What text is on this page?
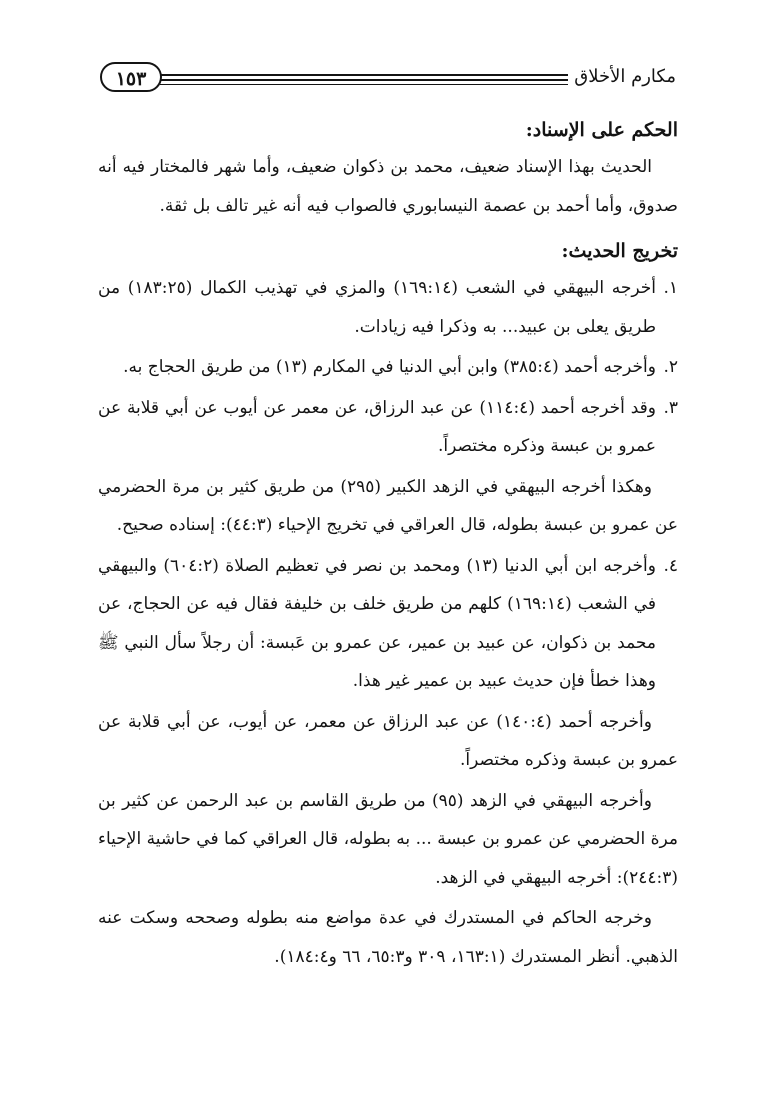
١٥٣	مكارم الأخلاق

الحكم على الإسناد:

الحديث بهذا الإسناد ضعيف، محمد بن ذكوان ضعيف، وأما شهر فالمختار فيه أنه صدوق، وأما أحمد بن عصمة النيسابوري فالصواب فيه أنه غير تالف بل ثقة.

تخريج الحديث:

١.
أخرجه البيهقي في الشعب (١٦٩:١٤) والمزي في تهذيب الكمال (١٨٣:٢٥) من طريق يعلى بن عبيد... به وذكرا فيه زيادات.
٢.
وأخرجه أحمد (٣٨٥:٤) وابن أبي الدنيا في المكارم (١٣) من طريق الحجاج به.
٣.
وقد أخرجه أحمد (١١٤:٤) عن عبد الرزاق، عن معمر عن أيوب عن أبي قلابة عن عمرو بن عبسة وذكره مختصراً.

وهكذا أخرجه البيهقي في الزهد الكبير (٢٩٥) من طريق كثير بن مرة الحضرمي عن عمرو بن عبسة بطوله، قال العراقي في تخريج الإحياء (٤٤:٣): إسناده صحيح.

٤.
وأخرجه ابن أبي الدنيا (١٣) ومحمد بن نصر في تعظيم الصلاة (٦٠٤:٢) والبيهقي في الشعب (١٦٩:١٤) كلهم من طريق خلف بن خليفة فقال فيه عن الحجاج، عن محمد بن ذكوان، عن عبيد بن عمير، عن عمرو بن عَبسة: أن رجلاً سأل النبي ﷺ وهذا خطأ فإن حديث عبيد بن عمير غير هذا.

وأخرجه أحمد (١٤٠:٤) عن عبد الرزاق عن معمر، عن أيوب، عن أبي قلابة عن عمرو بن عبسة وذكره مختصراً.

وأخرجه البيهقي في الزهد (٩٥) من طريق القاسم بن عبد الرحمن عن كثير بن مرة الحضرمي عن عمرو بن عبسة ... به بطوله، قال العراقي كما في حاشية الإحياء (٢٤٤:٣): أخرجه البيهقي في الزهد.

وخرجه الحاكم في المستدرك في عدة مواضع منه بطوله وصححه وسكت عنه الذهبي. أنظر المستدرك (١٦٣:١، ٣٠٩ و٦٥:٣، ٦٦ و١٨٤:٤).
